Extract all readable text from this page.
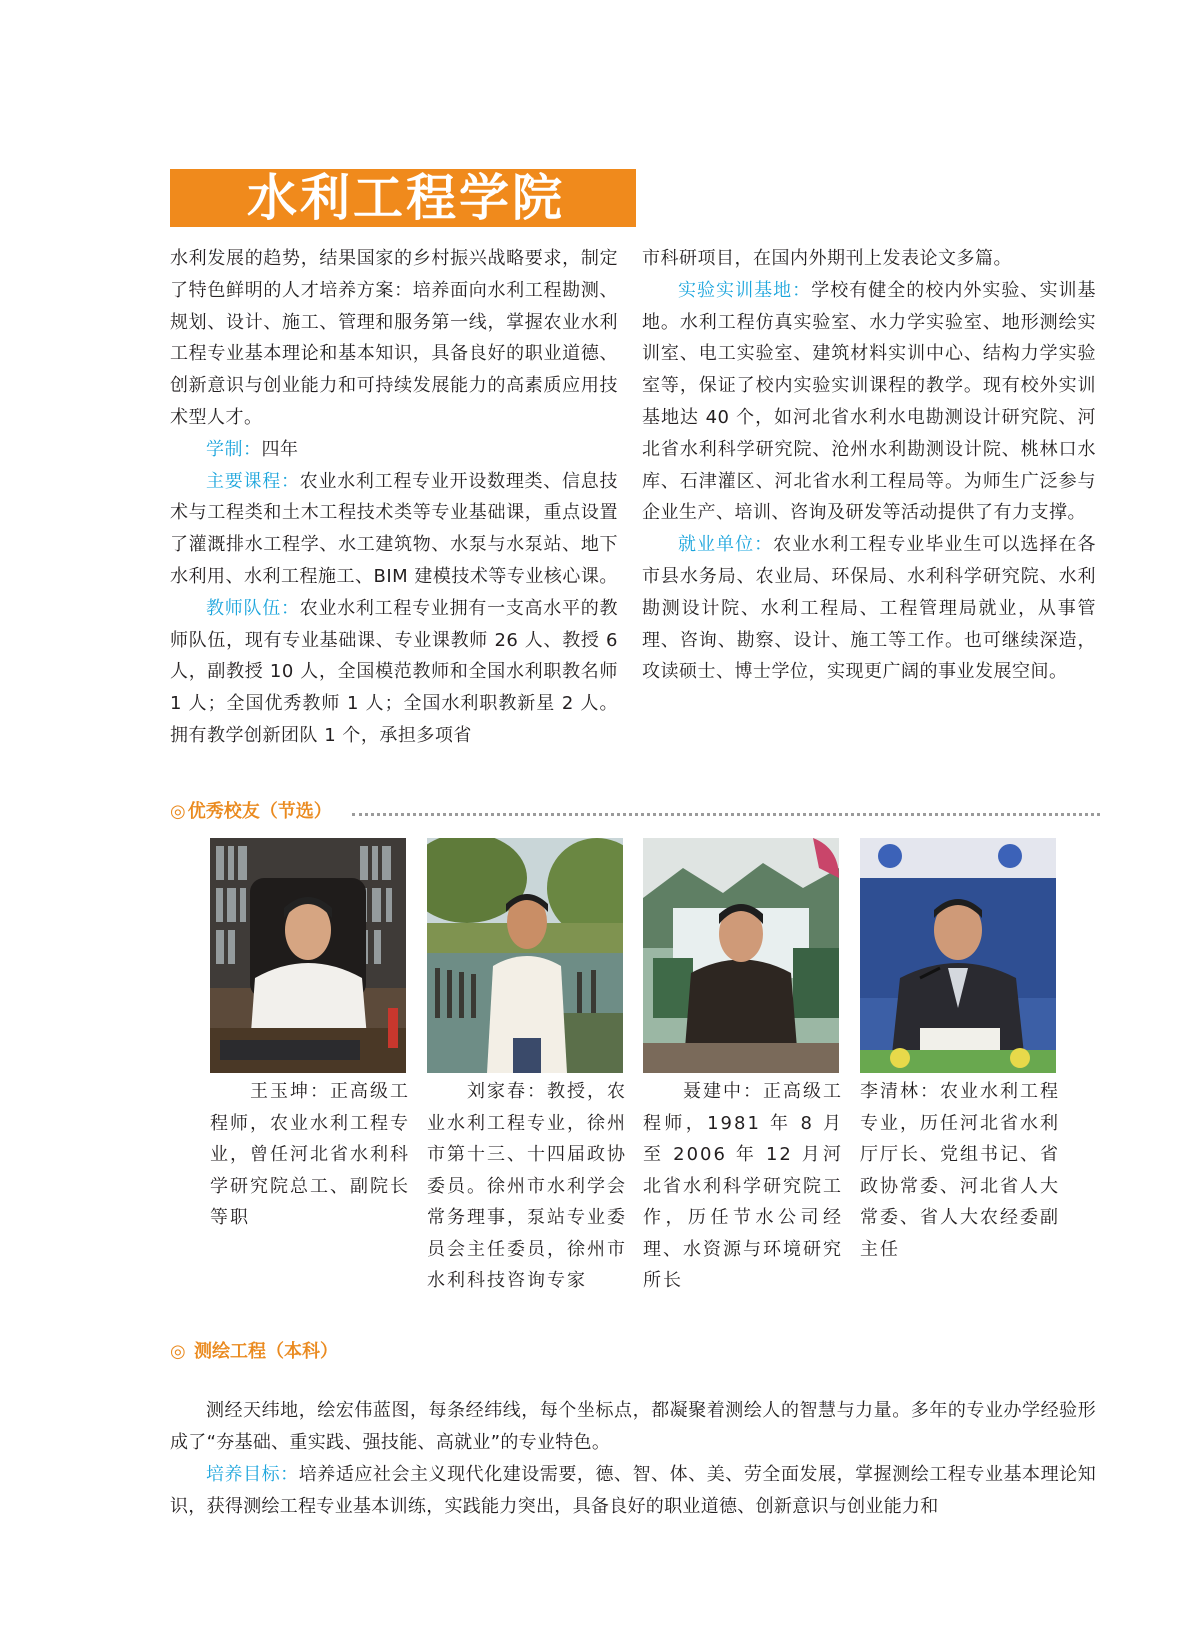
水利工程学院

水利发展的趋势，结果国家的乡村振兴战略要求，制定了特色鲜明的人才培养方案：培养面向水利工程勘测、规划、设计、施工、管理和服务第一线，掌握农业水利工程专业基本理论和基本知识，具备良好的职业道德、创新意识与创业能力和可持续发展能力的高素质应用技术型人才。

学制：四年

主要课程：农业水利工程专业开设数理类、信息技术与工程类和土木工程技术类等专业基础课，重点设置了灌溉排水工程学、水工建筑物、水泵与水泵站、地下水利用、水利工程施工、BIM 建模技术等专业核心课。

教师队伍：农业水利工程专业拥有一支高水平的教师队伍，现有专业基础课、专业课教师 26 人、教授 6 人，副教授 10 人，全国模范教师和全国水利职教名师 1 人；全国优秀教师 1 人；全国水利职教新星 2 人。拥有教学创新团队 1 个，承担多项省

市科研项目，在国内外期刊上发表论文多篇。

实验实训基地：学校有健全的校内外实验、实训基地。水利工程仿真实验室、水力学实验室、地形测绘实训室、电工实验室、建筑材料实训中心、结构力学实验室等，保证了校内实验实训课程的教学。现有校外实训基地达 40 个，如河北省水利水电勘测设计研究院、河北省水利科学研究院、沧州水利勘测设计院、桃林口水库、石津灌区、河北省水利工程局等。为师生广泛参与企业生产、培训、咨询及研发等活动提供了有力支撑。

就业单位：农业水利工程专业毕业生可以选择在各市县水务局、农业局、环保局、水利科学研究院、水利勘测设计院、水利工程局、工程管理局就业，从事管理、咨询、勘察、设计、施工等工作。也可继续深造，攻读硕士、博士学位，实现更广阔的事业发展空间。

◎ 优秀校友（节选）
王玉坤：正高级工程师，农业水利工程专业，曾任河北省水利科学研究院总工、副院长等职
刘家春：教授，农业水利工程专业，徐州市第十三、十四届政协委员。徐州市水利学会常务理事，泵站专业委员会主任委员，徐州市水利科技咨询专家
聂建中：正高级工程师，1981 年 8 月至 2006 年 12 月河北省水利科学研究院工作，历任节水公司经理、水资源与环境研究所长
李清林：农业水利工程专业，历任河北省水利厅厅长、党组书记、省政协常委、河北省人大常委、省人大农经委副主任
◎ 测绘工程（本科）

测经天纬地，绘宏伟蓝图，每条经纬线，每个坐标点，都凝聚着测绘人的智慧与力量。多年的专业办学经验形成了“夯基础、重实践、强技能、高就业”的专业特色。

培养目标：培养适应社会主义现代化建设需要，德、智、体、美、劳全面发展，掌握测绘工程专业基本理论知识，获得测绘工程专业基本训练，实践能力突出，具备良好的职业道德、创新意识与创业能力和
